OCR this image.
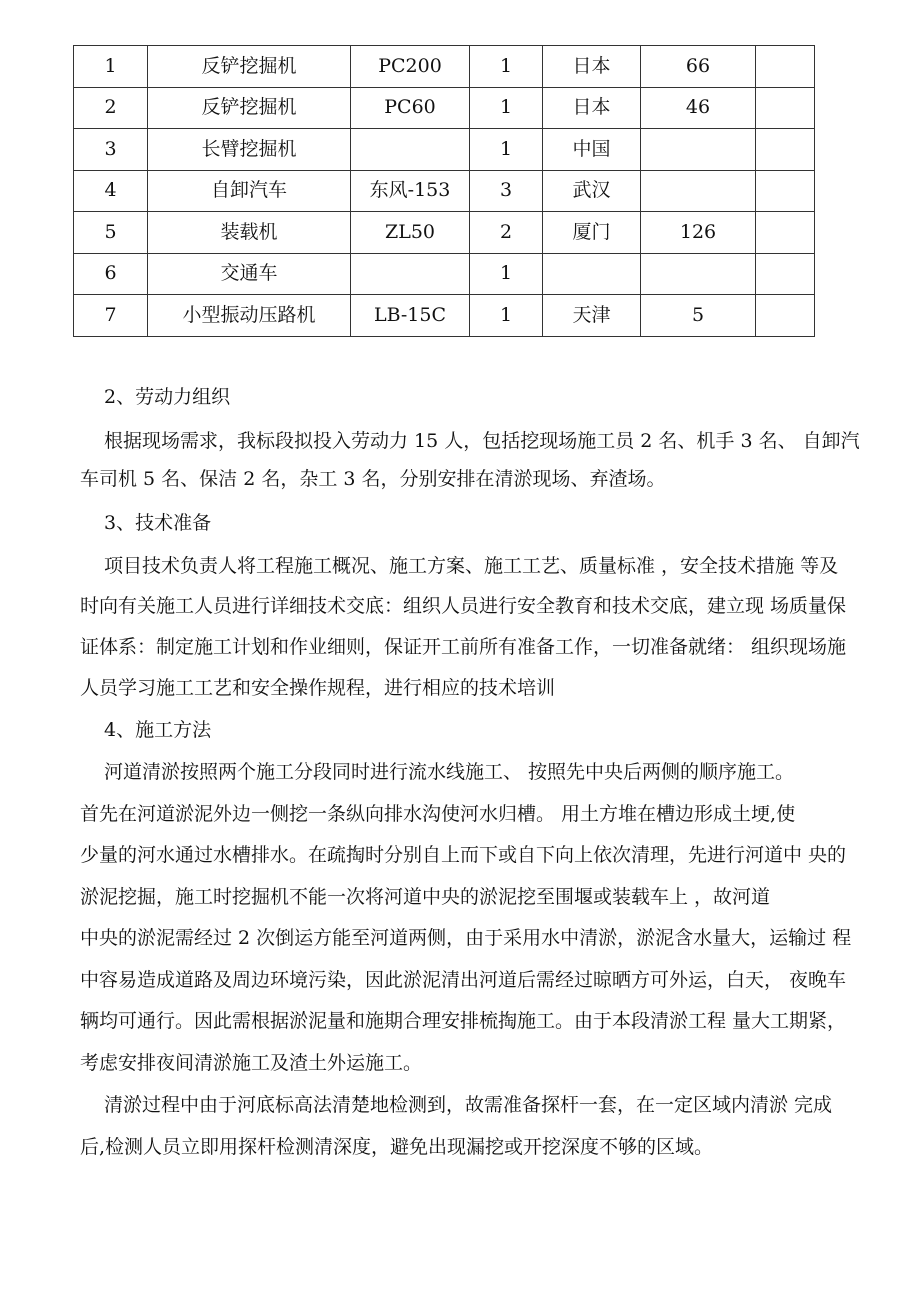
1	反铲挖掘机	PC200	1	日本	66	
2	反铲挖掘机	PC60	1	日本	46	
3	长臂挖掘机		1	中国		
4	自卸汽车	东风-153	3	武汉		
5	装载机	ZL50	2	厦门	126	
6	交通车		1			
7	小型振动压路机	LB-15C	1	天津	5	
2、劳动力组织
根据现场需求，我标段拟投入劳动力 15 人，包括挖现场施工员 2 名、机手 3 名、 自卸汽
车司机 5 名、保洁 2 名，杂工 3 名，分别安排在清淤现场、弃渣场。
3、技术准备
项目技术负责人将工程施工概况、施工方案、施工工艺、质量标准 ，安全技术措施 等及
时向有关施工人员进行详细技术交底：组织人员进行安全教育和技术交底，建立现 场质量保
证体系：制定施工计划和作业细则，保证开工前所有准备工作，一切准备就绪： 组织现场施
人员学习施工工艺和安全操作规程，进行相应的技术培训
4、施工方法
河道清淤按照两个施工分段同时进行流水线施工、 按照先中央后两侧的顺序施工。
首先在河道淤泥外边一侧挖一条纵向排水沟使河水归槽。 用土方堆在槽边形成土埂,使
少量的河水通过水槽排水。在疏掏时分别自上而下或自下向上依次清理，先进行河道中 央的
淤泥挖掘，施工时挖掘机不能一次将河道中央的淤泥挖至围堰或装载车上 ，故河道
中央的淤泥需经过 2 次倒运方能至河道两侧，由于采用水中清淤，淤泥含水量大，运输过 程
中容易造成道路及周边环境污染，因此淤泥清出河道后需经过晾晒方可外运，白天， 夜晚车
辆均可通行。因此需根据淤泥量和施期合理安排梳掏施工。由于本段清淤工程 量大工期紧，
考虑安排夜间清淤施工及渣土外运施工。
清淤过程中由于河底标高法清楚地检测到，故需准备探杆一套，在一定区域内清淤 完成
后,检测人员立即用探杆检测清深度，避免出现漏挖或开挖深度不够的区域。
